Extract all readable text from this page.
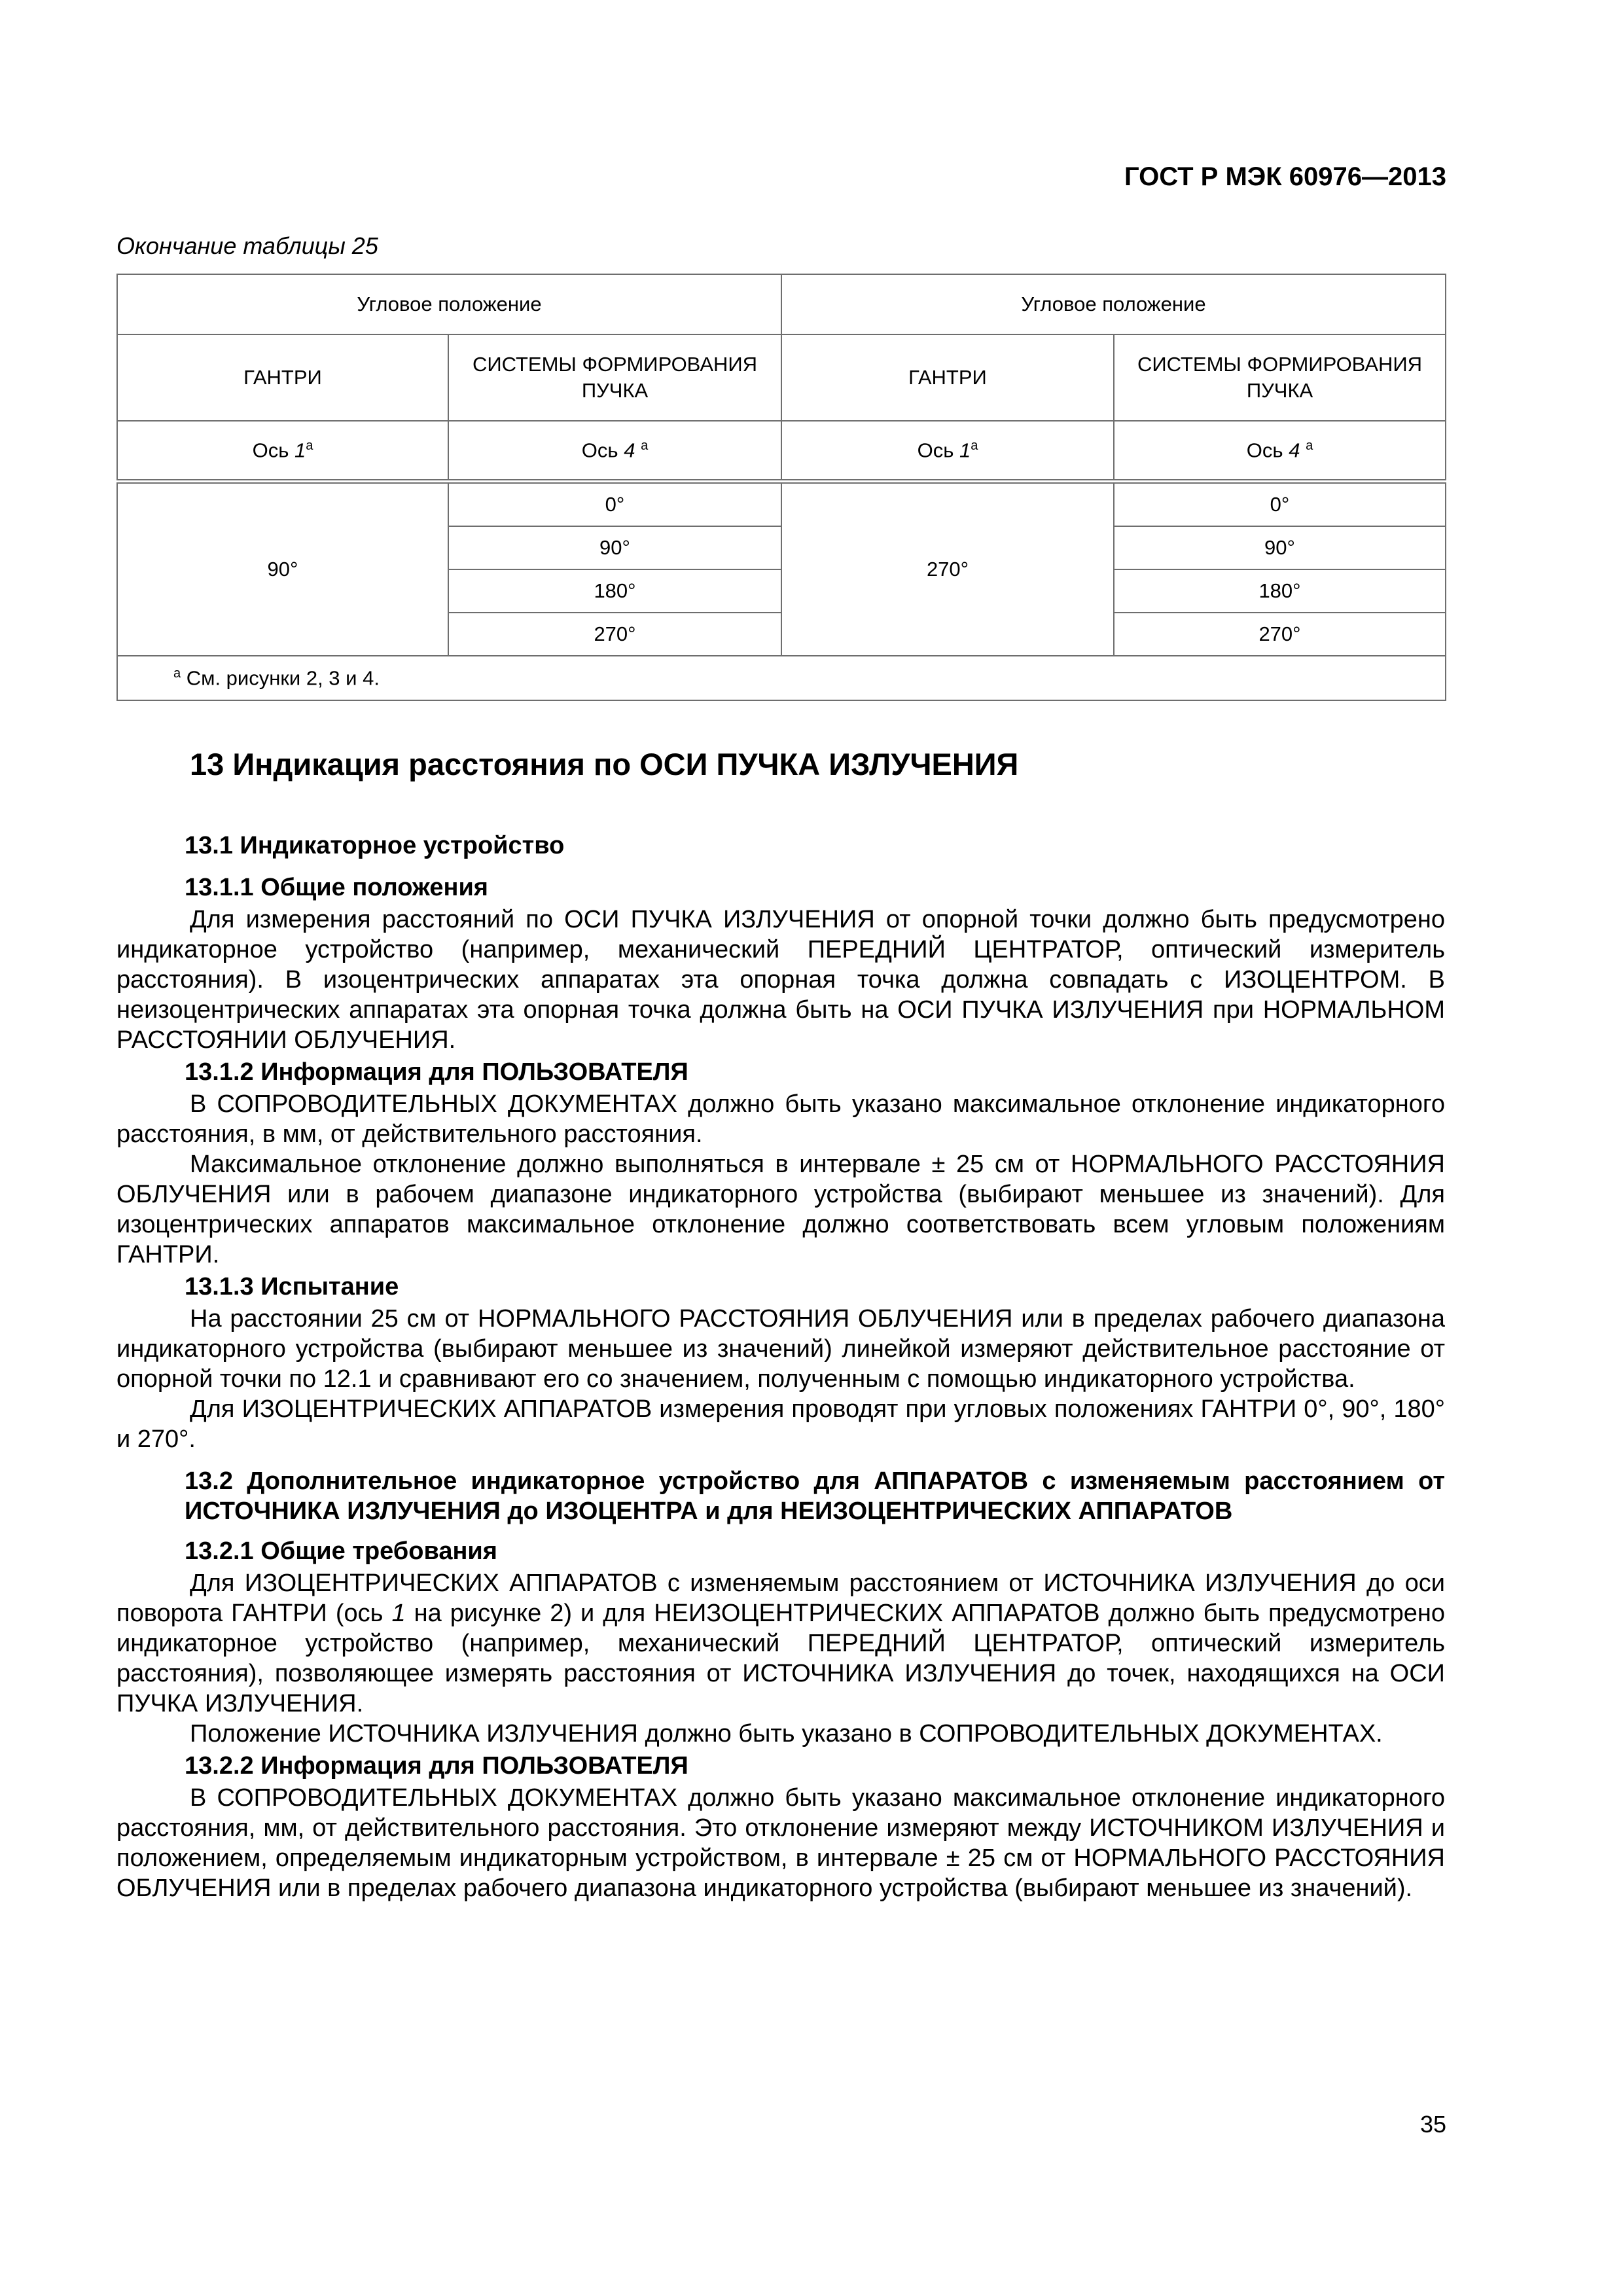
ГОСТ Р МЭК 60976—2013
Окончание таблицы 25
Угловое положение		Угловое положение	
ГАНТРИ	СИСТЕМЫ ФОРМИРОВАНИЯ ПУЧКА	ГАНТРИ	СИСТЕМЫ ФОРМИРОВАНИЯ ПУЧКА
Ось $1^а$	Ось 4 $^а$	Ось $1^а$	Ось 4 $^а$
90°	0°	270°	0°
	90°		90°
	180°		180°
	270°		270°
$^а$ См. рисунки 2, 3 и 4.			
13 Индикация расстояния по ОСИ ПУЧКА ИЗЛУЧЕНИЯ
13.1 Индикаторное устройство
13.1.1 Общие положения

Для измерения расстояний по ОСИ ПУЧКА ИЗЛУЧЕНИЯ от опорной точки должно быть предусмотрено индикаторное устройство (например, механический ПЕРЕДНИЙ ЦЕНТРАТОР, оптический измеритель расстояния). В изоцентрических аппаратах эта опорная точка должна совпадать с ИЗОЦЕНТРОМ. В неизоцентрических аппаратах эта опорная точка должна быть на ОСИ ПУЧКА ИЗЛУЧЕНИЯ при НОРМАЛЬНОМ РАССТОЯНИИ ОБЛУЧЕНИЯ.

13.1.2 Информация для ПОЛЬЗОВАТЕЛЯ

В СОПРОВОДИТЕЛЬНЫХ ДОКУМЕНТАХ должно быть указано максимальное отклонение индикаторного расстояния, в мм, от действительного расстояния.

Максимальное отклонение должно выполняться в интервале ± 25 см от НОРМАЛЬНОГО РАССТОЯНИЯ ОБЛУЧЕНИЯ или в рабочем диапазоне индикаторного устройства (выбирают меньшее из значений). Для изоцентрических аппаратов максимальное отклонение должно соответствовать всем угловым положениям ГАНТРИ.

13.1.3 Испытание

На расстоянии 25 см от НОРМАЛЬНОГО РАССТОЯНИЯ ОБЛУЧЕНИЯ или в пределах рабочего диапазона индикаторного устройства (выбирают меньшее из значений) линейкой измеряют действительное расстояние от опорной точки по 12.1 и сравнивают его со значением, полученным с помощью индикаторного устройства.

Для ИЗОЦЕНТРИЧЕСКИХ АППАРАТОВ измерения проводят при угловых положениях ГАНТРИ 0°, 90°, 180° и 270°.

13.2 Дополнительное индикаторное устройство для АППАРАТОВ с изменяемым расстоянием от ИСТОЧНИКА ИЗЛУЧЕНИЯ до ИЗОЦЕНТРА и для НЕИЗОЦЕНТРИЧЕСКИХ АППАРАТОВ
13.2.1 Общие требования

Для ИЗОЦЕНТРИЧЕСКИХ АППАРАТОВ с изменяемым расстоянием от ИСТОЧНИКА ИЗЛУЧЕНИЯ до оси поворота ГАНТРИ (ось 1 на рисунке 2) и для НЕИЗОЦЕНТРИЧЕСКИХ АППАРАТОВ должно быть предусмотрено индикаторное устройство (например, механический ПЕРЕДНИЙ ЦЕНТРАТОР, оптический измеритель расстояния), позволяющее измерять расстояния от ИСТОЧНИКА ИЗЛУЧЕНИЯ до точек, находящихся на ОСИ ПУЧКА ИЗЛУЧЕНИЯ.

Положение ИСТОЧНИКА ИЗЛУЧЕНИЯ должно быть указано в СОПРОВОДИТЕЛЬНЫХ ДОКУМЕНТАХ.

13.2.2 Информация для ПОЛЬЗОВАТЕЛЯ

В СОПРОВОДИТЕЛЬНЫХ ДОКУМЕНТАХ должно быть указано максимальное отклонение индикаторного расстояния, мм, от действительного расстояния. Это отклонение измеряют между ИСТОЧНИКОМ ИЗЛУЧЕНИЯ и положением, определяемым индикаторным устройством, в интервале ± 25 см от НОРМАЛЬНОГО РАССТОЯНИЯ ОБЛУЧЕНИЯ или в пределах рабочего диапазона индикаторного устройства (выбирают меньшее из значений).

35
